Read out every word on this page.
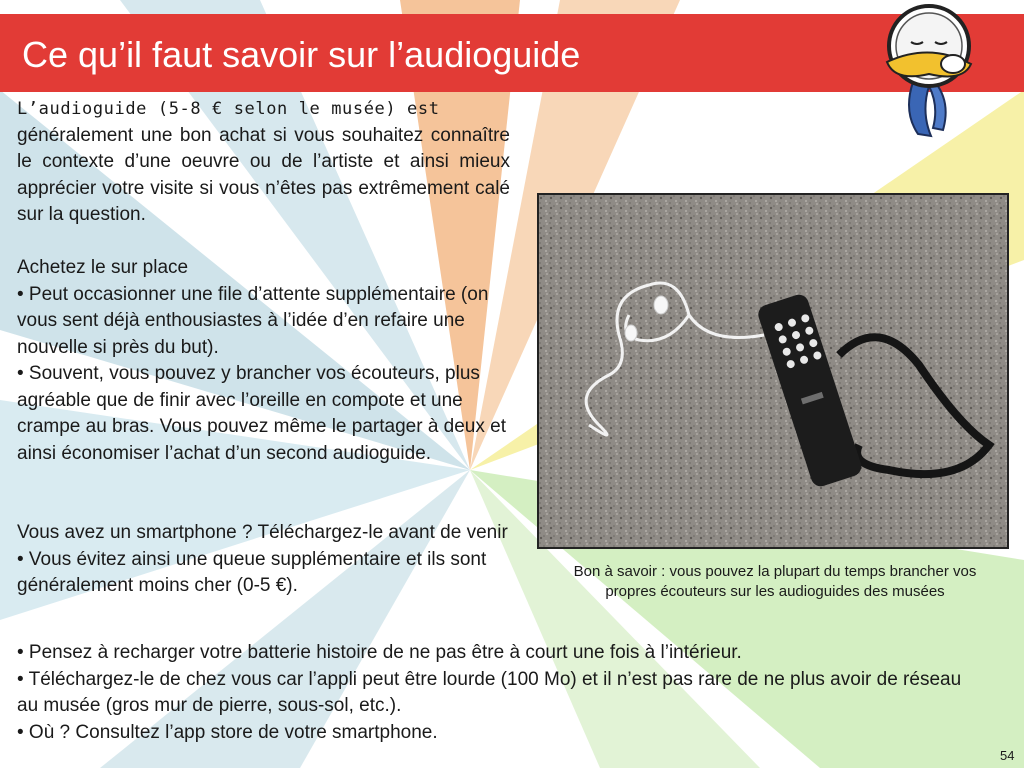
Ce qu’il faut savoir sur l’audioguide
L’audioguide (5-8 € selon le musée) est
généralement une bon achat si vous souhaitez connaître le contexte d’une oeuvre ou de l’artiste et ainsi mieux apprécier votre visite si vous n’êtes pas extrêmement calé sur la question.
Achetez le sur place
• Peut occasionner une file d’attente supplémentaire (on vous sent déjà enthousiastes à l’idée d’en refaire une nouvelle si près du but).
• Souvent, vous pouvez y brancher vos écouteurs, plus agréable que de finir avec l’oreille en compote et une crampe au bras. Vous pouvez même le partager à deux et ainsi économiser l’achat d’un second audioguide.
Vous avez un smartphone ? Téléchargez-le avant de venir
• Vous évitez ainsi une queue supplémentaire et ils sont généralement moins cher (0-5 €).
• Pensez à recharger votre batterie histoire de ne pas être à court une fois à l’intérieur.
• Téléchargez-le de chez vous car l’appli peut être lourde (100 Mo) et il n’est pas rare de ne plus avoir de réseau au musée (gros mur de pierre, sous-sol, etc.).
• Où ? Consultez l’app store de votre smartphone.
Bon à savoir : vous pouvez la plupart du temps brancher vos propres écouteurs sur les audioguides des musées
54
